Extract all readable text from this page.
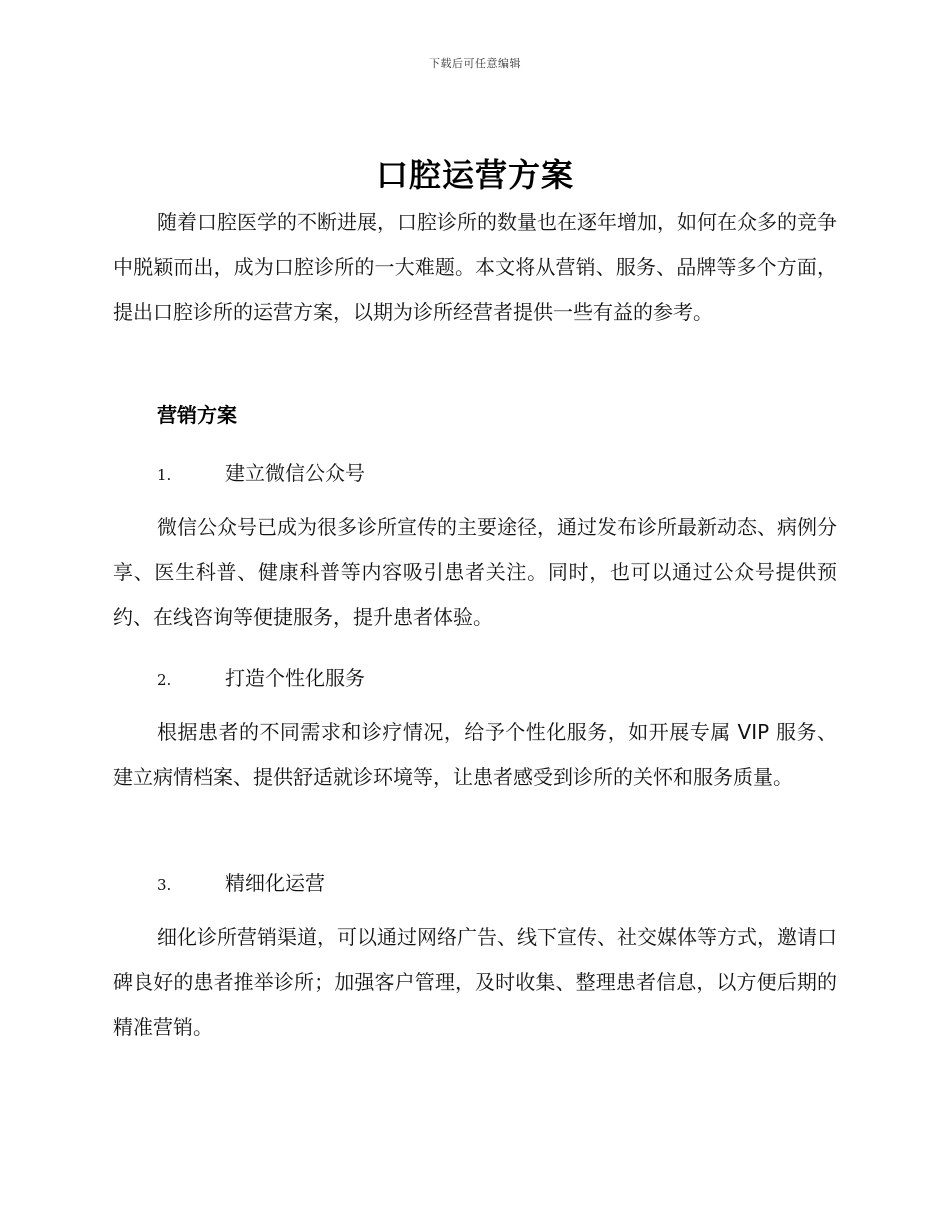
下载后可任意编辑
口腔运营方案
随着口腔医学的不断进展，口腔诊所的数量也在逐年增加，如何在众多的竞争中脱颖而出，成为口腔诊所的一大难题。本文将从营销、服务、品牌等多个方面，提出口腔诊所的运营方案，以期为诊所经营者提供一些有益的参考。
营销方案
1.	建立微信公众号
微信公众号已成为很多诊所宣传的主要途径，通过发布诊所最新动态、病例分享、医生科普、健康科普等内容吸引患者关注。同时，也可以通过公众号提供预约、在线咨询等便捷服务，提升患者体验。
2.	打造个性化服务
根据患者的不同需求和诊疗情况，给予个性化服务，如开展专属 VIP 服务、建立病情档案、提供舒适就诊环境等，让患者感受到诊所的关怀和服务质量。
3.	精细化运营
细化诊所营销渠道，可以通过网络广告、线下宣传、社交媒体等方式，邀请口碑良好的患者推举诊所；加强客户管理，及时收集、整理患者信息，以方便后期的精准营销。
